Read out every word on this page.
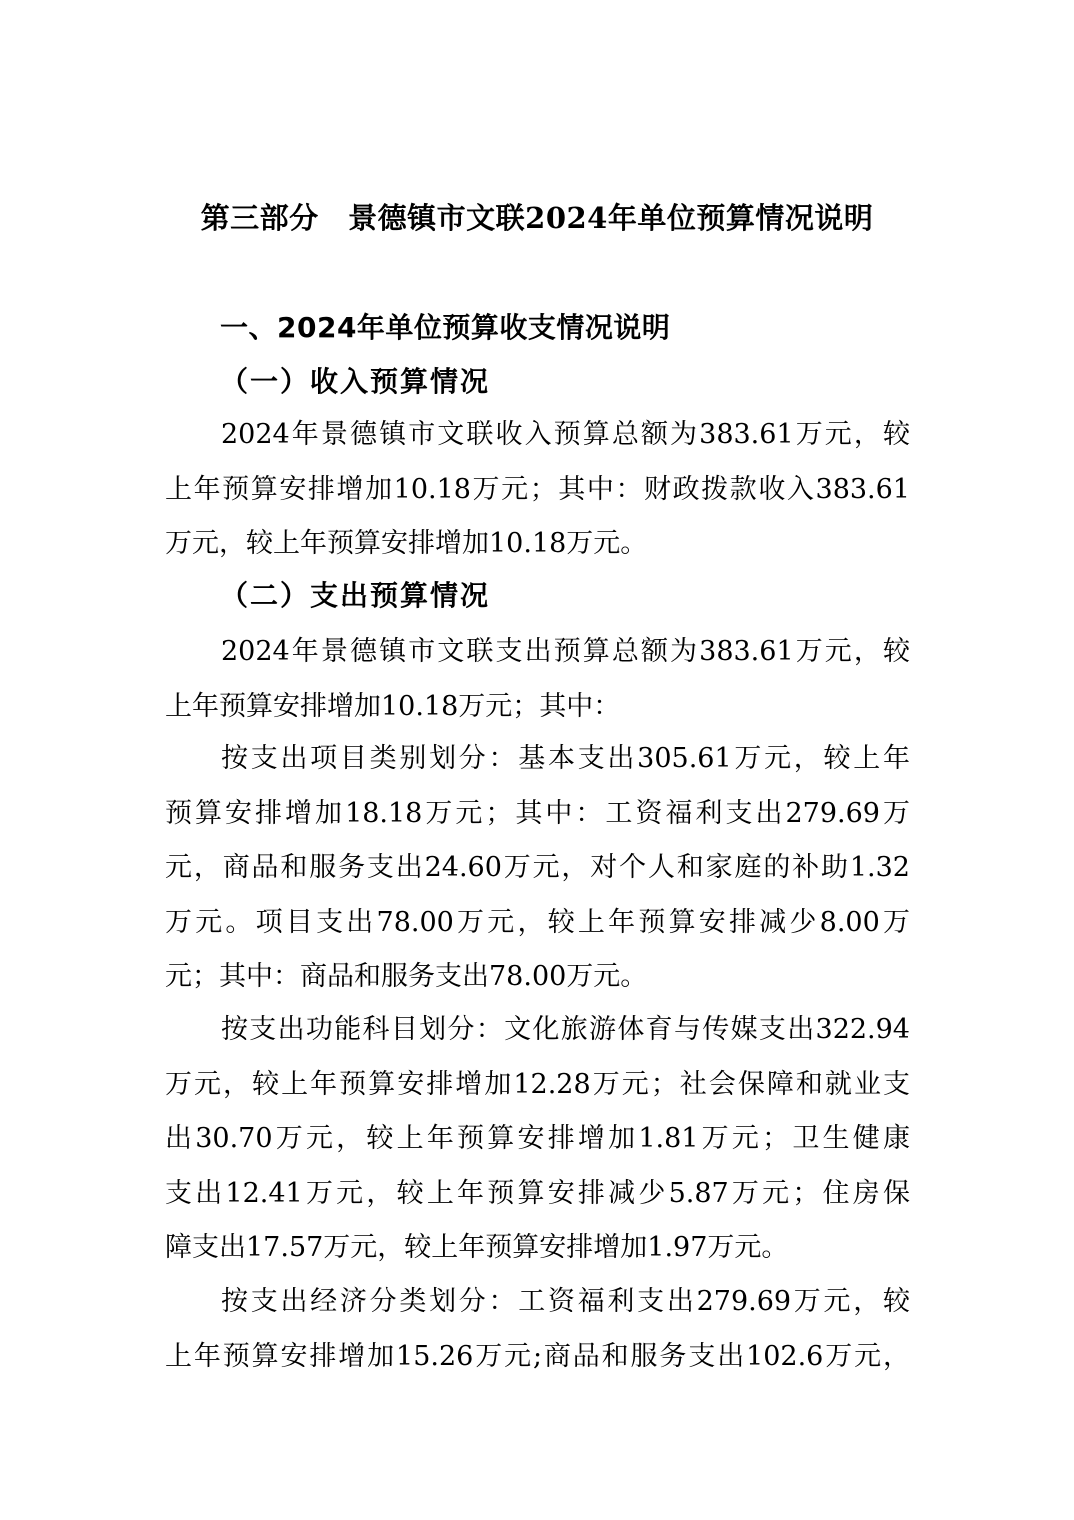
第三部分　景德镇市文联2024年单位预算情况说明
一、2024年单位预算收支情况说明
（一）收入预算情况
2024年景德镇市文联收入预算总额为383.61万元，较
上年预算安排增加10.18万元；其中：财政拨款收入383.61
万元，较上年预算安排增加10.18万元。
（二）支出预算情况
2024年景德镇市文联支出预算总额为383.61万元，较
上年预算安排增加10.18万元；其中：
按支出项目类别划分：基本支出305.61万元，较上年
预算安排增加18.18万元；其中：工资福利支出279.69万
元，商品和服务支出24.60万元，对个人和家庭的补助1.32
万元。项目支出78.00万元，较上年预算安排减少8.00万
元；其中：商品和服务支出78.00万元。
按支出功能科目划分：文化旅游体育与传媒支出322.94
万元，较上年预算安排增加12.28万元；社会保障和就业支
出30.70万元，较上年预算安排增加1.81万元；卫生健康
支出12.41万元，较上年预算安排减少5.87万元；住房保
障支出17.57万元，较上年预算安排增加1.97万元。
按支出经济分类划分：工资福利支出279.69万元，较
上年预算安排增加15.26万元;商品和服务支出102.6万元，
